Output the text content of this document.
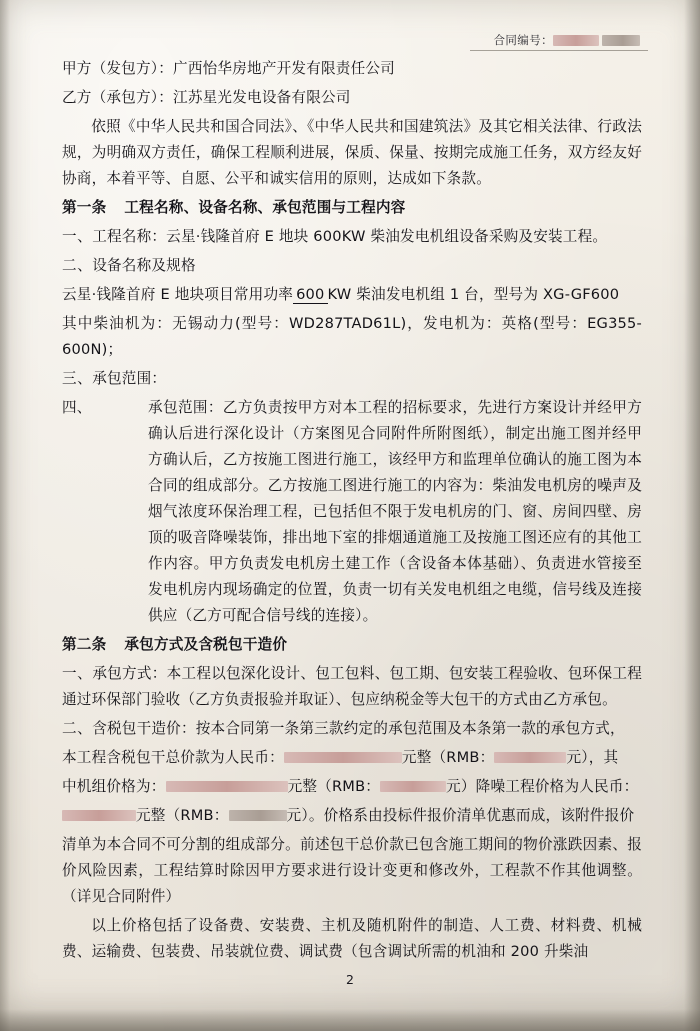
合同编号：

甲方（发包方）：广西怡华房地产开发有限责任公司

乙方（承包方）：江苏星光发电设备有限公司

依照《中华人民共和国合同法》、《中华人民共和国建筑法》及其它相关法律、行政法规，为明确双方责任，确保工程顺利进展，保质、保量、按期完成施工任务，双方经友好协商，本着平等、自愿、公平和诚实信用的原则，达成如下条款。

第一条 工程名称、设备名称、承包范围与工程内容

一、工程名称：云星·钱隆首府 E 地块 600KW 柴油发电机组设备采购及安装工程。

二、设备名称及规格

云星·钱隆首府 E 地块项目常用功率 600 KW 柴油发电机组 1 台，型号为 XG-GF600

其中柴油机为：无锡动力(型号：WD287TAD61L)，发电机为：英格(型号：EG355-600N)；

三、承包范围：

四、	承包范围：乙方负责按甲方对本工程的招标要求，先进行方案设计并经甲方确认后进行深化设计（方案图见合同附件所附图纸），制定出施工图并经甲方确认后，乙方按施工图进行施工，该经甲方和监理单位确认的施工图为本合同的组成部分。乙方按施工图进行施工的内容为：柴油发电机房的噪声及烟气浓度环保治理工程，已包括但不限于发电机房的门、窗、房间四壁、房顶的吸音降噪装饰，排出地下室的排烟通道施工及按施工图还应有的其他工作内容。甲方负责发电机房土建工作（含设备本体基础）、负责进水管接至发电机房内现场确定的位置，负责一切有关发电机组之电缆，信号线及连接供应（乙方可配合信号线的连接）。

第二条 承包方式及含税包干造价

一、承包方式：本工程以包深化设计、包工包料、包工期、包安装工程验收、包环保工程通过环保部门验收（乙方负责报验并取证）、包应纳税金等大包干的方式由乙方承包。

二、含税包干造价：按本合同第一条第三款约定的承包范围及本条第一款的承包方式，

本工程含税包干总价款为人民币：	元整（RMB：	元），其

中机组价格为：	元整（RMB：	元）降噪工程价格为人民币：

元整（RMB：	元）。价格系由投标件报价清单优惠而成，该附件报价

清单为本合同不可分割的组成部分。前述包干总价款已包含施工期间的物价涨跌因素、报价风险因素，工程结算时除因甲方要求进行设计变更和修改外，工程款不作其他调整。（详见合同附件）

以上价格包括了设备费、安装费、主机及随机附件的制造、人工费、材料费、机械费、运输费、包装费、吊装就位费、调试费（包含调试所需的机油和 200 升柴油

2
